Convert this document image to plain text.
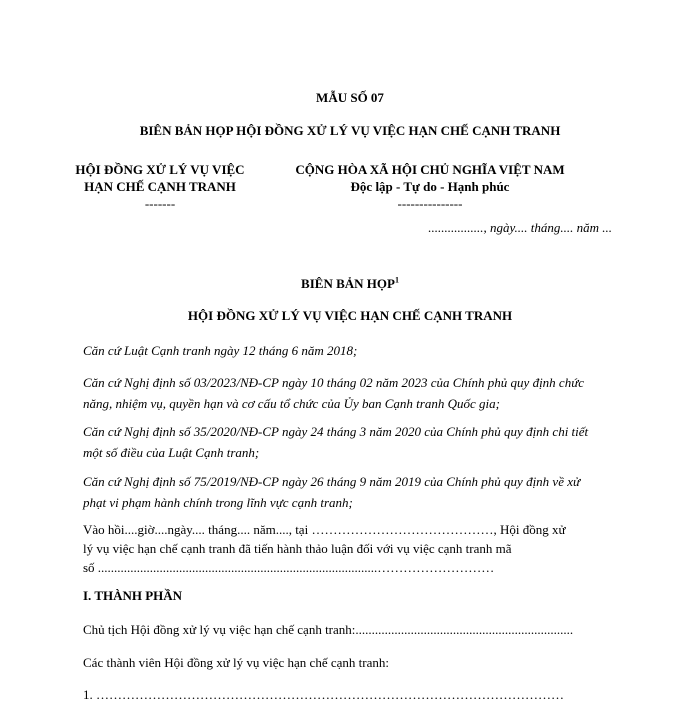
MẪU SỐ 07
BIÊN BẢN HỌP HỘI ĐỒNG XỬ LÝ VỤ VIỆC HẠN CHẾ CẠNH TRANH
HỘI ĐỒNG XỬ LÝ VỤ VIỆC
HẠN CHẾ CẠNH TRANH
-------
CỘNG HÒA XÃ HỘI CHỦ NGHĨA VIỆT NAM
Độc lập - Tự do - Hạnh phúc
---------------
................., ngày.... tháng.... năm ...
BIÊN BẢN HỌP$^1$
HỘI ĐỒNG XỬ LÝ VỤ VIỆC HẠN CHẾ CẠNH TRANH
Căn cứ Luật Cạnh tranh ngày 12 tháng 6 năm 2018;
Căn cứ Nghị định số 03/2023/NĐ-CP ngày 10 tháng 02 năm 2023 của Chính phủ quy định chức
năng, nhiệm vụ, quyền hạn và cơ cấu tổ chức của Ủy ban Cạnh tranh Quốc gia;
Căn cứ Nghị định số 35/2020/NĐ-CP ngày 24 tháng 3 năm 2020 của Chính phủ quy định chi tiết
một số điều của Luật Cạnh tranh;
Căn cứ Nghị định số 75/2019/NĐ-CP ngày 26 tháng 9 năm 2019 của Chính phủ quy định về xử
phạt vi phạm hành chính trong lĩnh vực cạnh tranh;
Vào hồi....giờ....ngày.... tháng.... năm...., tại ……………………………………, Hội đồng xử
lý vụ việc hạn chế cạnh tranh đã tiến hành thảo luận đối với vụ việc cạnh tranh mã
số ......................................................................................………………………
I. THÀNH PHẦN
Chủ tịch Hội đồng xử lý vụ việc hạn chế cạnh tranh:...................................................................
Các thành viên Hội đồng xử lý vụ việc hạn chế cạnh tranh:
1. ………………………………………………………………………………………………
